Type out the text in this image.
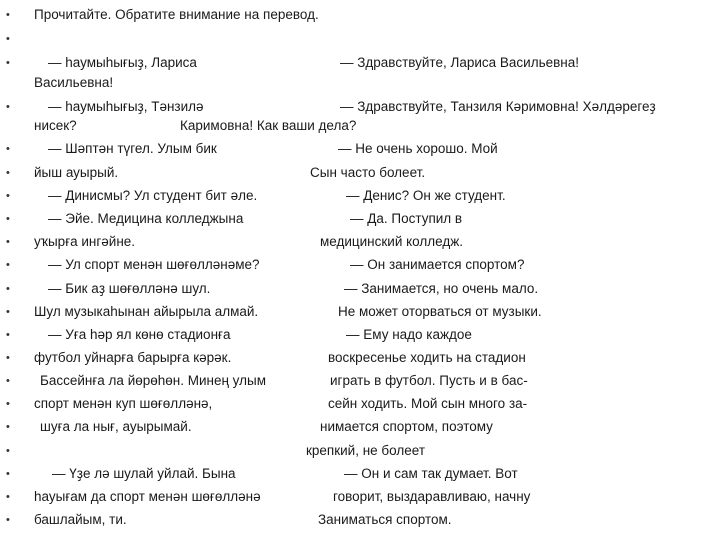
• Прочитайте. Обратите внимание на перевод.
•
•	— һаумыһығыҙ, Лариса	— Здравствуйте, Лариса Васильевна!
Васильевна!
•	— һаумыһығыҙ, Тәнзилә	— Здравствуйте, Танзиля Кәримовна! Хәлдәрегеҙ
нисек?	Каримовна! Как ваши дела?
•	— Шәптән түгел. Улым бик	— Не очень хорошо. Мой
• йыш ауырый.	Сын часто болеет.
•	— Динисмы? Ул студент бит әле.	— Денис? Он же студент.
•	— Эйе. Медицина колледжына	— Да. Поступил в
• уҡырға ингәйне.	медицинский колледж.
•	— Ул спорт менән шөғөлләнәме?	— Он занимается спортом?
•	— Бик аҙ шөғөлләнә шул.	— Занимается, но очень мало.
• Шул музыкаһынан айырыла алмай.	Не может оторваться от музыки.
•	— Уға һәр ял көнө стадионға	— Ему надо каждое
• футбол уйнарға барырға кәрәк.	воскресенье ходить на стадион
• Бассейнға ла йөрөһөн. Минең улым	играть в футбол. Пусть и в бас-
• спорт менән куп шөғөлләнә,	сейн ходить. Мой сын много за-
• шуға ла нығ, ауырымай.	нимается спортом, поэтому
•	крепкий, не болеет
•	— Үҙе лә шулай уйлай. Бына	— Он и сам так думает. Вот
• һауығам да спорт менән шөғөлләнә	говорит, выздаравливаю, начну
• башлайым, ти.	Заниматься спортом.
